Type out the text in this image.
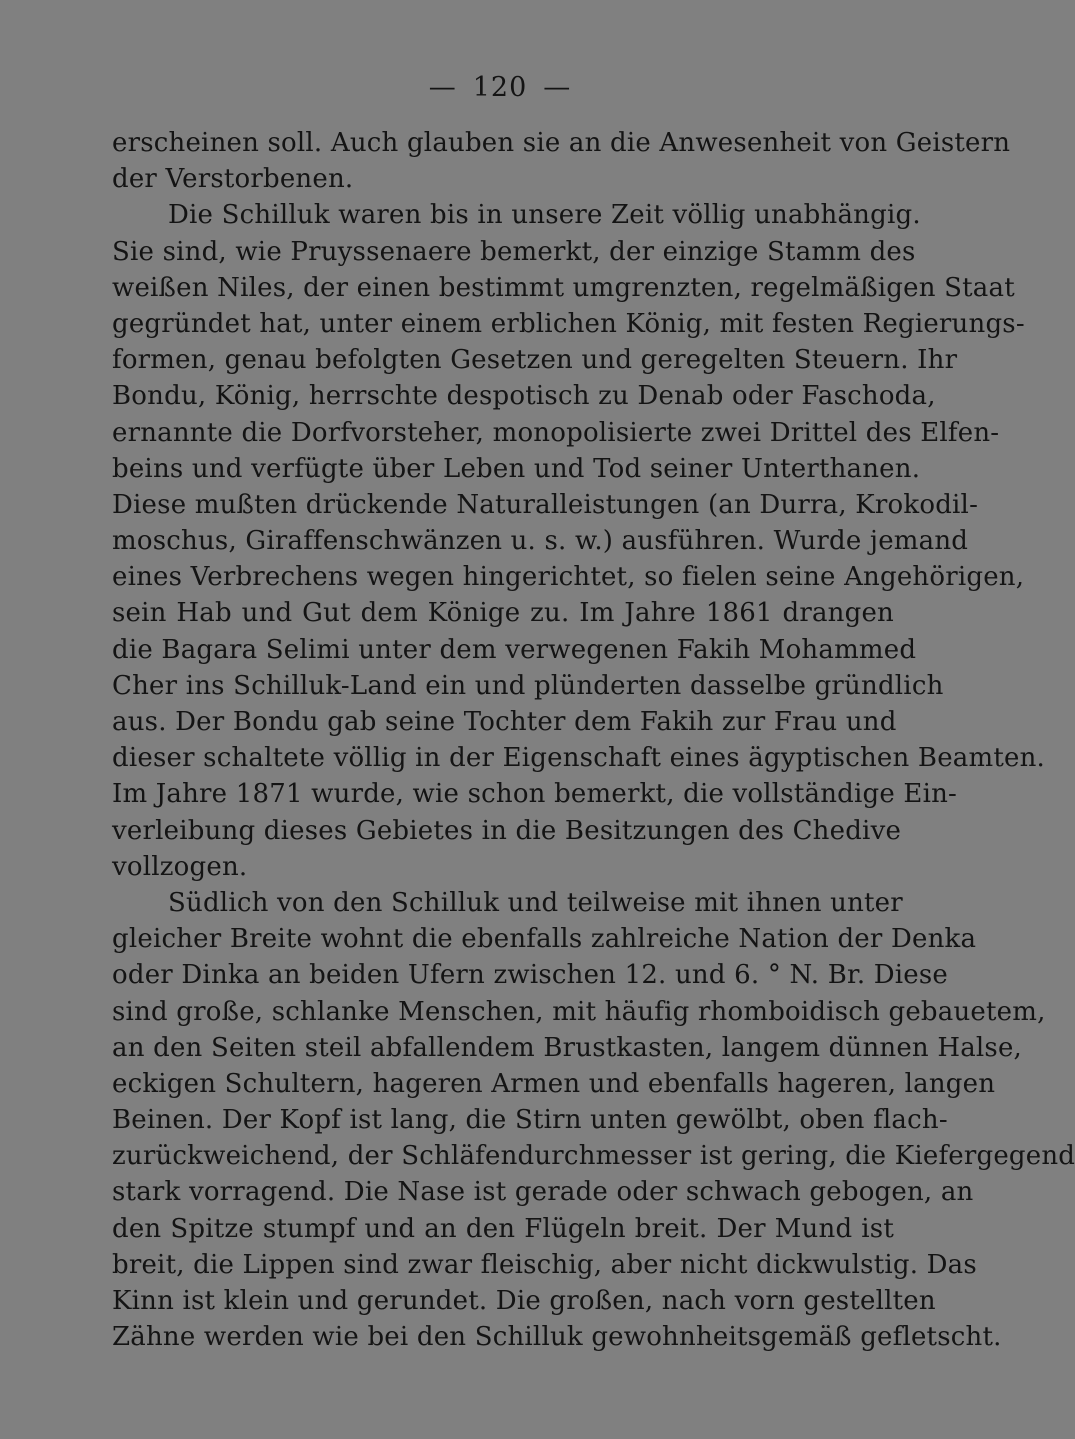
— 120 —
erscheinen soll. Auch glauben sie an die Anwesenheit von Geistern
der Verstorbenen.
Die Schilluk waren bis in unsere Zeit völlig unabhängig.
Sie sind, wie Pruyssenaere bemerkt, der einzige Stamm des
weißen Niles, der einen bestimmt umgrenzten, regelmäßigen Staat
gegründet hat, unter einem erblichen König, mit festen Regierungs-
formen, genau befolgten Gesetzen und geregelten Steuern. Ihr
Bondu, König, herrschte despotisch zu Denab oder Faschoda,
ernannte die Dorfvorsteher, monopolisierte zwei Drittel des Elfen-
beins und verfügte über Leben und Tod seiner Unterthanen.
Diese mußten drückende Naturalleistungen (an Durra, Krokodil-
moschus, Giraffenschwänzen u. s. w.) ausführen. Wurde jemand
eines Verbrechens wegen hingerichtet, so fielen seine Angehörigen,
sein Hab und Gut dem Könige zu. Im Jahre 1861 drangen
die Bagara Selimi unter dem verwegenen Fakih Mohammed
Cher ins Schilluk-Land ein und plünderten dasselbe gründlich
aus. Der Bondu gab seine Tochter dem Fakih zur Frau und
dieser schaltete völlig in der Eigenschaft eines ägyptischen Beamten.
Im Jahre 1871 wurde, wie schon bemerkt, die vollständige Ein-
verleibung dieses Gebietes in die Besitzungen des Chedive
vollzogen.
Südlich von den Schilluk und teilweise mit ihnen unter
gleicher Breite wohnt die ebenfalls zahlreiche Nation der Denka
oder Dinka an beiden Ufern zwischen 12. und 6. ° N. Br. Diese
sind große, schlanke Menschen, mit häufig rhomboidisch gebauetem,
an den Seiten steil abfallendem Brustkasten, langem dünnen Halse,
eckigen Schultern, hageren Armen und ebenfalls hageren, langen
Beinen. Der Kopf ist lang, die Stirn unten gewölbt, oben flach-
zurückweichend, der Schläfendurchmesser ist gering, die Kiefergegend
stark vorragend. Die Nase ist gerade oder schwach gebogen, an
den Spitze stumpf und an den Flügeln breit. Der Mund ist
breit, die Lippen sind zwar fleischig, aber nicht dickwulstig. Das
Kinn ist klein und gerundet. Die großen, nach vorn gestellten
Zähne werden wie bei den Schilluk gewohnheitsgemäß gefletscht.
